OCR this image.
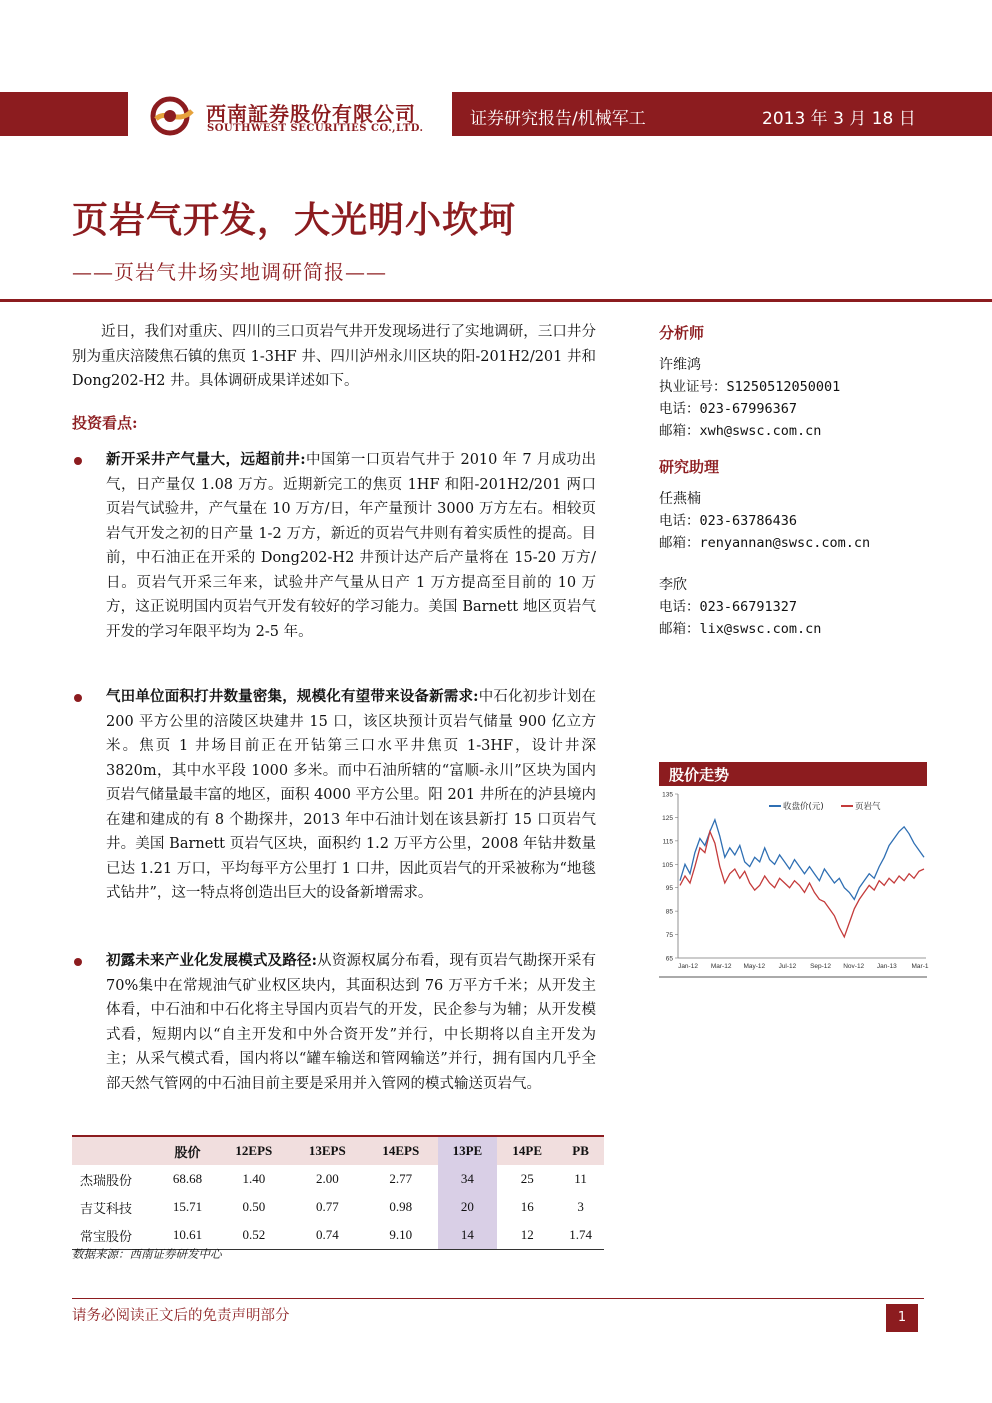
西南証券股份有限公司
SOUTHWEST SECURITIES CO.,LTD.	证券研究报告/机械军工	2013 年 3 月 18 日
页岩气开发，大光明小坎坷
——页岩气井场实地调研简报——
近日，我们对重庆、四川的三口页岩气井开发现场进行了实地调研，三口井分别为重庆涪陵焦石镇的焦页 1-3HF 井、四川泸州永川区块的阳-201H2/201 井和 Dong202-H2 井。具体调研成果详述如下。
投资看点:
新开采井产气量大，远超前井:中国第一口页岩气井于 2010 年 7 月成功出气，日产量仅 1.08 万方。近期新完工的焦页 1HF 和阳-201H2/201 两口页岩气试验井，产气量在 10 万方/日，年产量预计 3000 万方左右。相较页岩气开发之初的日产量 1-2 万方，新近的页岩气井则有着实质性的提高。目前，中石油正在开采的 Dong202-H2 井预计达产后产量将在 15-20 万方/日。页岩气开采三年来，试验井产气量从日产 1 万方提高至目前的 10 万方，这正说明国内页岩气开发有较好的学习能力。美国 Barnett 地区页岩气开发的学习年限平均为 2-5 年。
气田单位面积打井数量密集，规模化有望带来设备新需求:中石化初步计划在 200 平方公里的涪陵区块建井 15 口，该区块预计页岩气储量 900 亿立方米。焦页 1 井场目前正在开钻第三口水平井焦页 1-3HF，设计井深 3820m，其中水平段 1000 多米。而中石油所辖的“富顺-永川”区块为国内页岩气储量最丰富的地区，面积 4000 平方公里。阳 201 井所在的泸县境内在建和建成的有 8 个勘探井，2013 年中石油计划在该县新打 15 口页岩气井。美国 Barnett 页岩气区块，面积约 1.2 万平方公里，2008 年钻井数量已达 1.21 万口，平均每平方公里打 1 口井，因此页岩气的开采被称为“地毯式钻井”，这一特点将创造出巨大的设备新增需求。
初露未来产业化发展模式及路径:从资源权属分布看，现有页岩气勘探开采有 70%集中在常规油气矿业权区块内，其面积达到 76 万平方千米；从开发主体看，中石油和中石化将主导国内页岩气的开发，民企参与为辅；从开发模式看，短期内以“自主开发和中外合资开发”并行，中长期将以自主开发为主；从采气模式看，国内将以“罐车输送和管网输送”并行，拥有国内几乎全部天然气管网的中石油目前主要是采用并入管网的模式输送页岩气。
分析师
许维鸿
执业证号：S1250512050001
电话：023-67996367
邮箱：xwh@swsc.com.cn
研究助理
任燕楠
电话：023-63786436
邮箱：renyannan@swsc.com.cn
李欣
电话：023-66791327
邮箱：lix@swsc.com.cn
股价走势
65
75
85
95
105
115
125
135
Jan-12 Mar-12 May-12 Jul-12 Sep-12 Nov-12 Jan-13 Mar-1
收盘价(元)	页岩气
	股价	12EPS	13EPS	14EPS	13PE	14PE	PB
杰瑞股份	68.68	1.40	2.00	2.77	34	25	11
吉艾科技	15.71	0.50	0.77	0.98	20	16	3
常宝股份	10.61	0.52	0.74	9.10	14	12	1.74
数据来源：西南证券研发中心
请务必阅读正文后的免责声明部分	1
